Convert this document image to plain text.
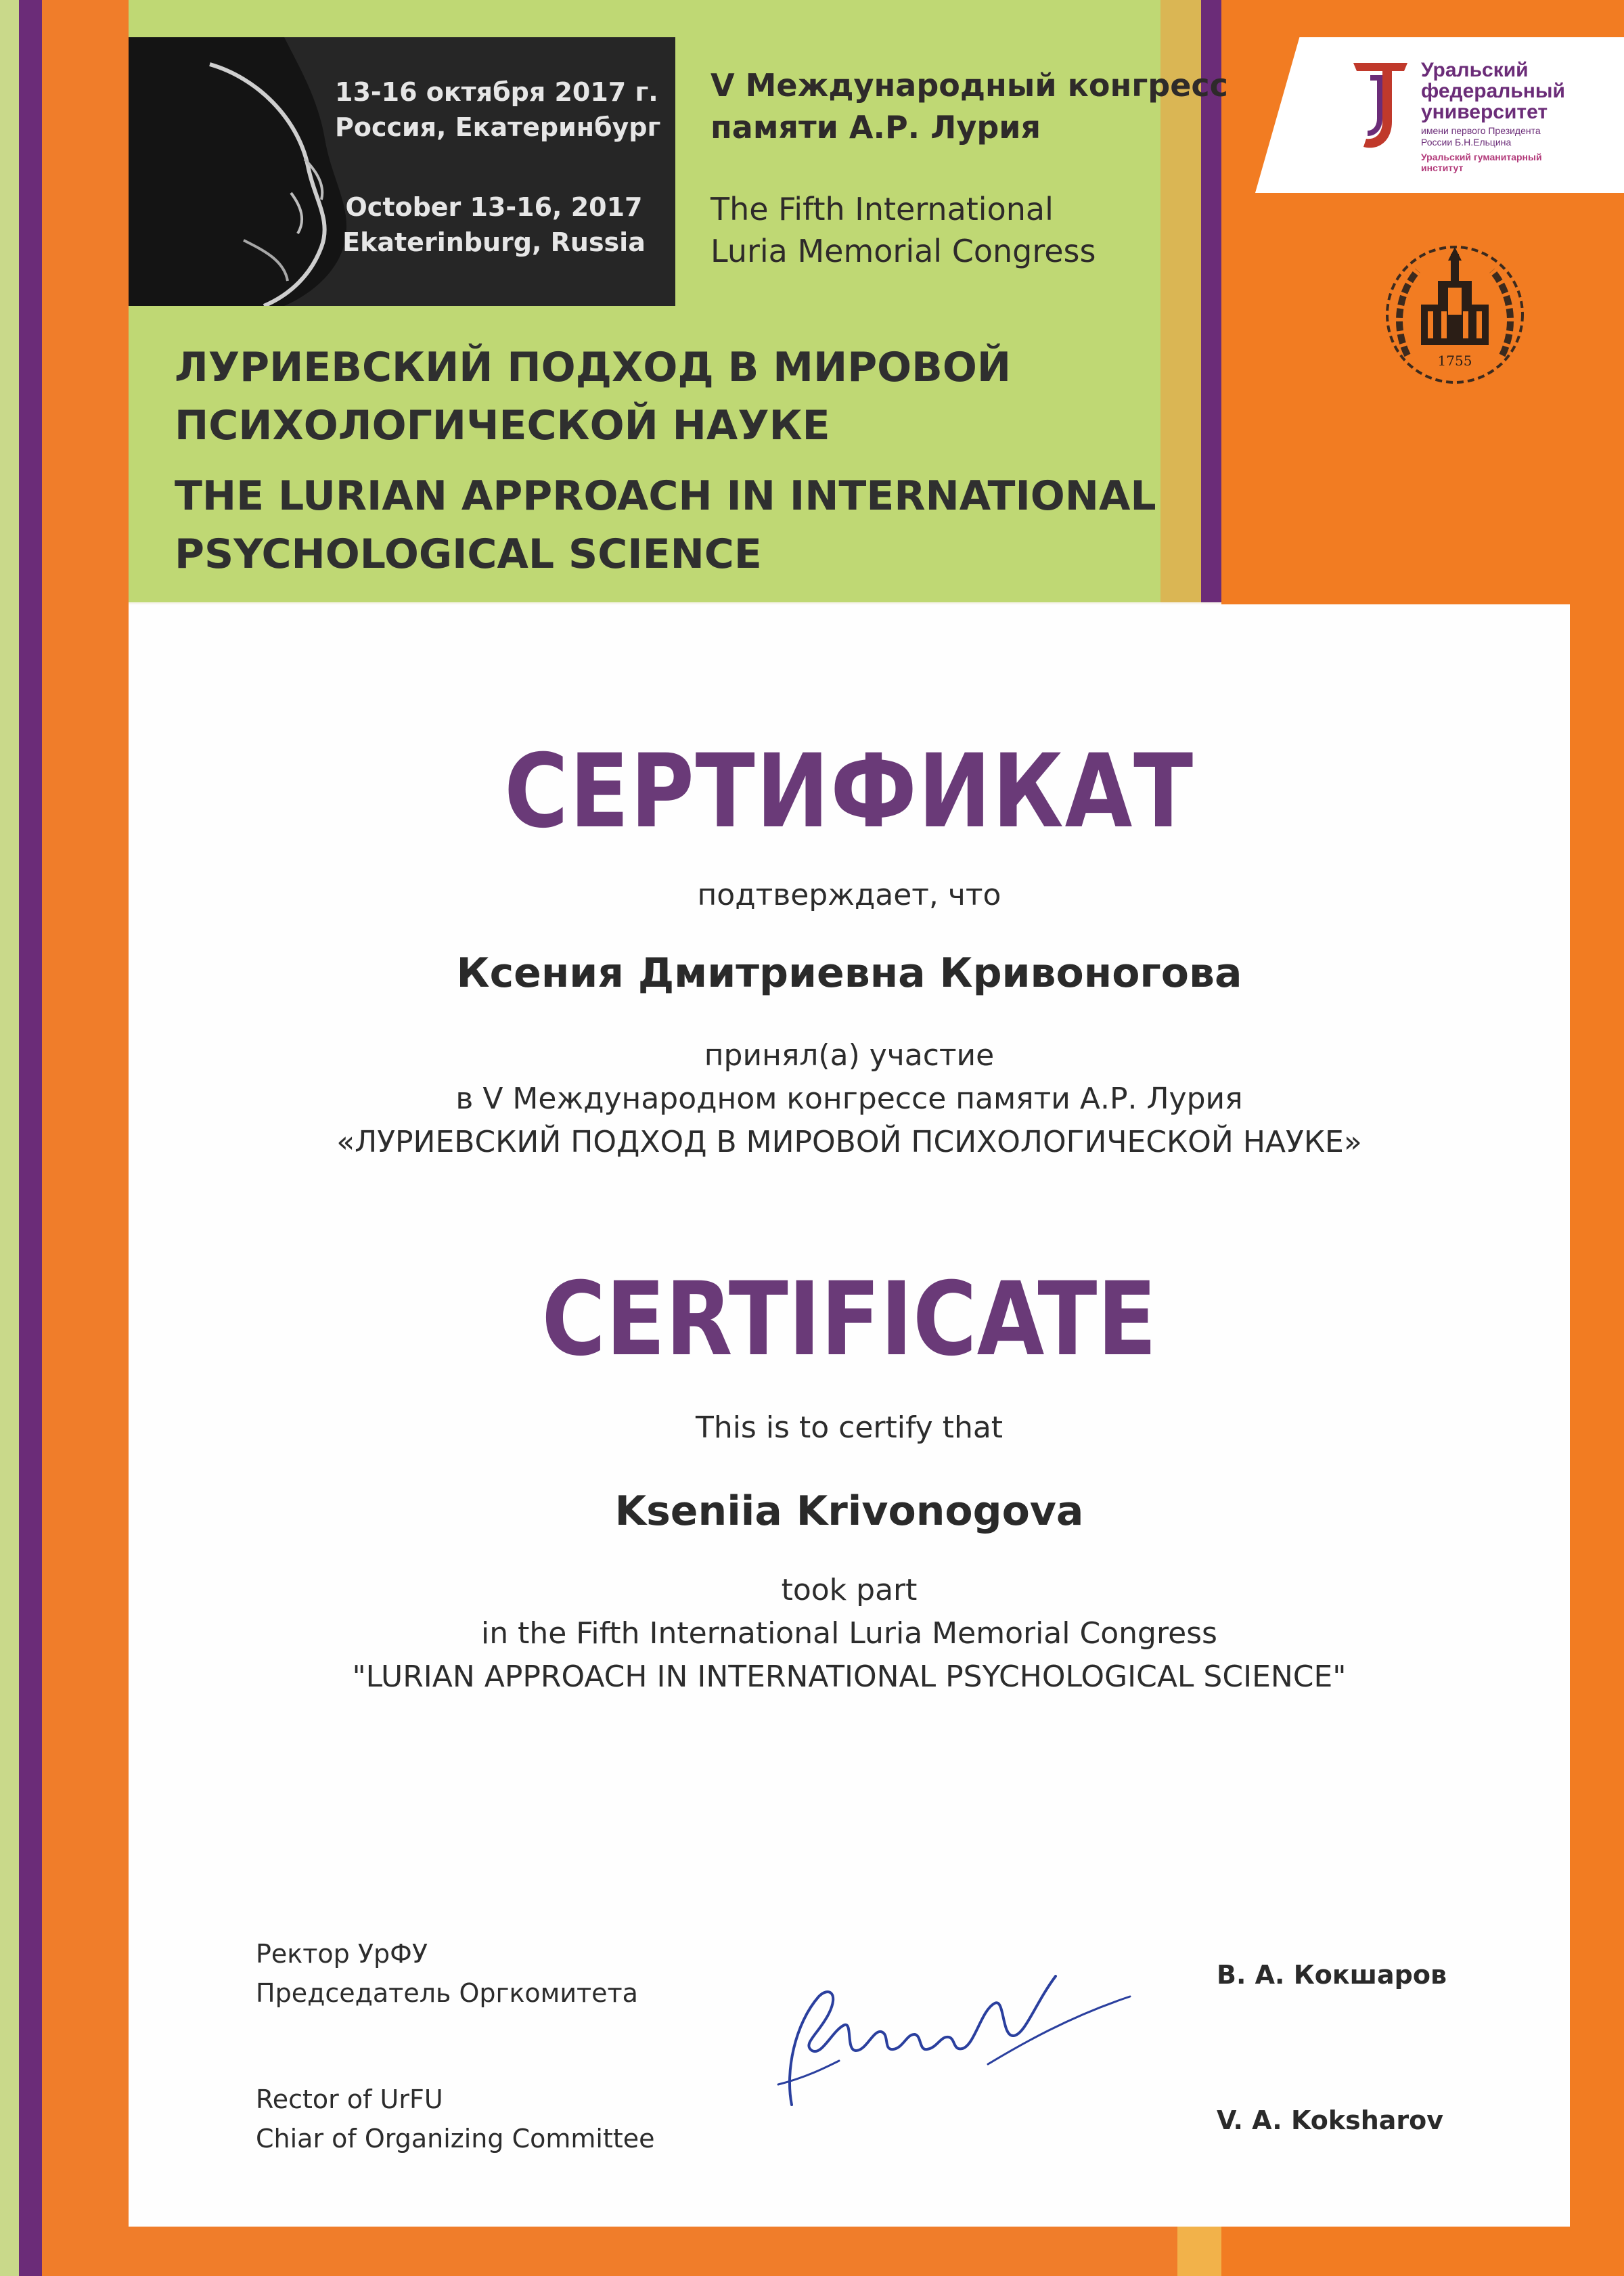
13-16 октября 2017 г.
Россия, Екатеринбург
October 13-16, 2017
Ekaterinburg, Russia
V Международный конгресс
памяти А.Р. Лурия
The Fifth International
Luria Memorial Congress
ЛУРИЕВСКИЙ ПОДХОД В МИРОВОЙ
ПСИХОЛОГИЧЕСКОЙ НАУКЕ
THE LURIAN APPROACH IN INTERNATIONAL
PSYCHOLOGICAL SCIENCE
Уральский
федеральный
университет
имени первого Президента
России Б.Н.Ельцина
Уральский гуманитарный
институт
1755
СЕРТИФИКАТ
подтверждает, что
Ксения Дмитриевна Кривоногова
принял(а) участие
в V Международном конгрессе памяти А.Р. Лурия
«ЛУРИЕВСКИЙ ПОДХОД В МИРОВОЙ ПСИХОЛОГИЧЕСКОЙ НАУКЕ»
CERTIFICATE
This is to certify that
Kseniia Krivonogova
took part
in the Fifth International Luria Memorial Congress
"LURIAN APPROACH IN INTERNATIONAL PSYCHOLOGICAL SCIENCE"
Ректор УрФУ
Председатель Оргкомитета
Rector of UrFU
Chiar of Organizing Committee
В. А. Кокшаров
V. A. Koksharov
